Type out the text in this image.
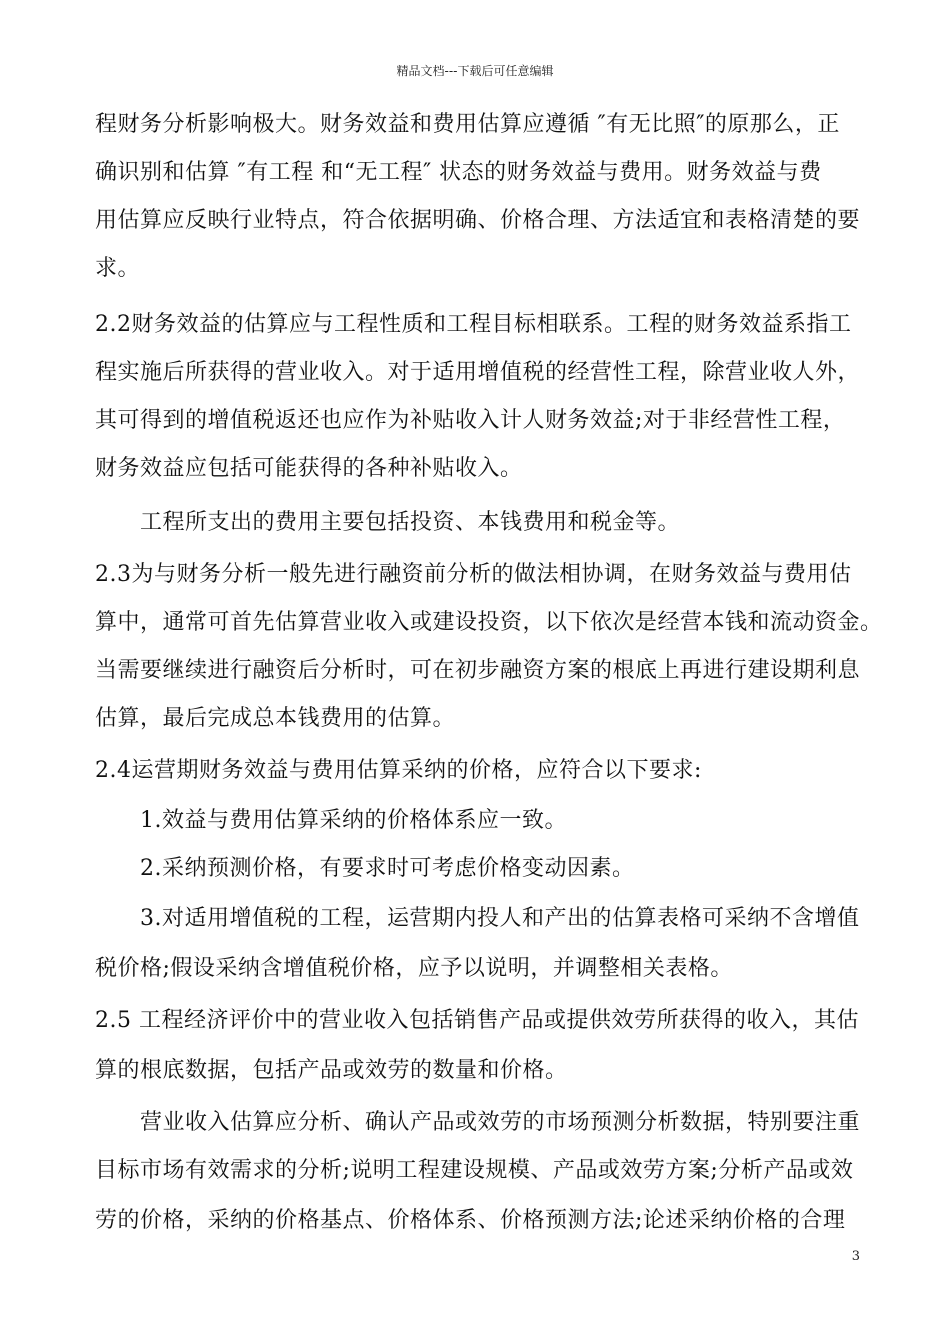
精品文档---下载后可任意编辑
程财务分析影响极大。财务效益和费用估算应遵循 ″有无比照″的原那么，正
确识别和估算 ″有工程 和“无工程″ 状态的财务效益与费用。财务效益与费
用估算应反映行业特点，符合依据明确、价格合理、方法适宜和表格清楚的要
求。
2.2财务效益的估算应与工程性质和工程目标相联系。工程的财务效益系指工
程实施后所获得的营业收入。对于适用增值税的经营性工程，除营业收人外，
其可得到的增值税返还也应作为补贴收入计人财务效益;对于非经营性工程，
财务效益应包括可能获得的各种补贴收入。
工程所支出的费用主要包括投资、本钱费用和税金等。
2.3为与财务分析一般先进行融资前分析的做法相协调，在财务效益与费用估
算中，通常可首先估算营业收入或建设投资，以下依次是经营本钱和流动资金。
当需要继续进行融资后分析时，可在初步融资方案的根底上再进行建设期利息
估算，最后完成总本钱费用的估算。
2.4运营期财务效益与费用估算采纳的价格，应符合以下要求:
1.效益与费用估算采纳的价格体系应一致。
2.采纳预测价格，有要求时可考虑价格变动因素。
3.对适用增值税的工程，运营期内投人和产出的估算表格可采纳不含增值
税价格;假设采纳含增值税价格，应予以说明，并调整相关表格。
2.5 工程经济评价中的营业收入包括销售产品或提供效劳所获得的收入，其估
算的根底数据，包括产品或效劳的数量和价格。
营业收入估算应分析、确认产品或效劳的市场预测分析数据，特别要注重
目标市场有效需求的分析;说明工程建设规模、产品或效劳方案;分析产品或效
劳的价格，采纳的价格基点、价格体系、价格预测方法;论述采纳价格的合理
3
